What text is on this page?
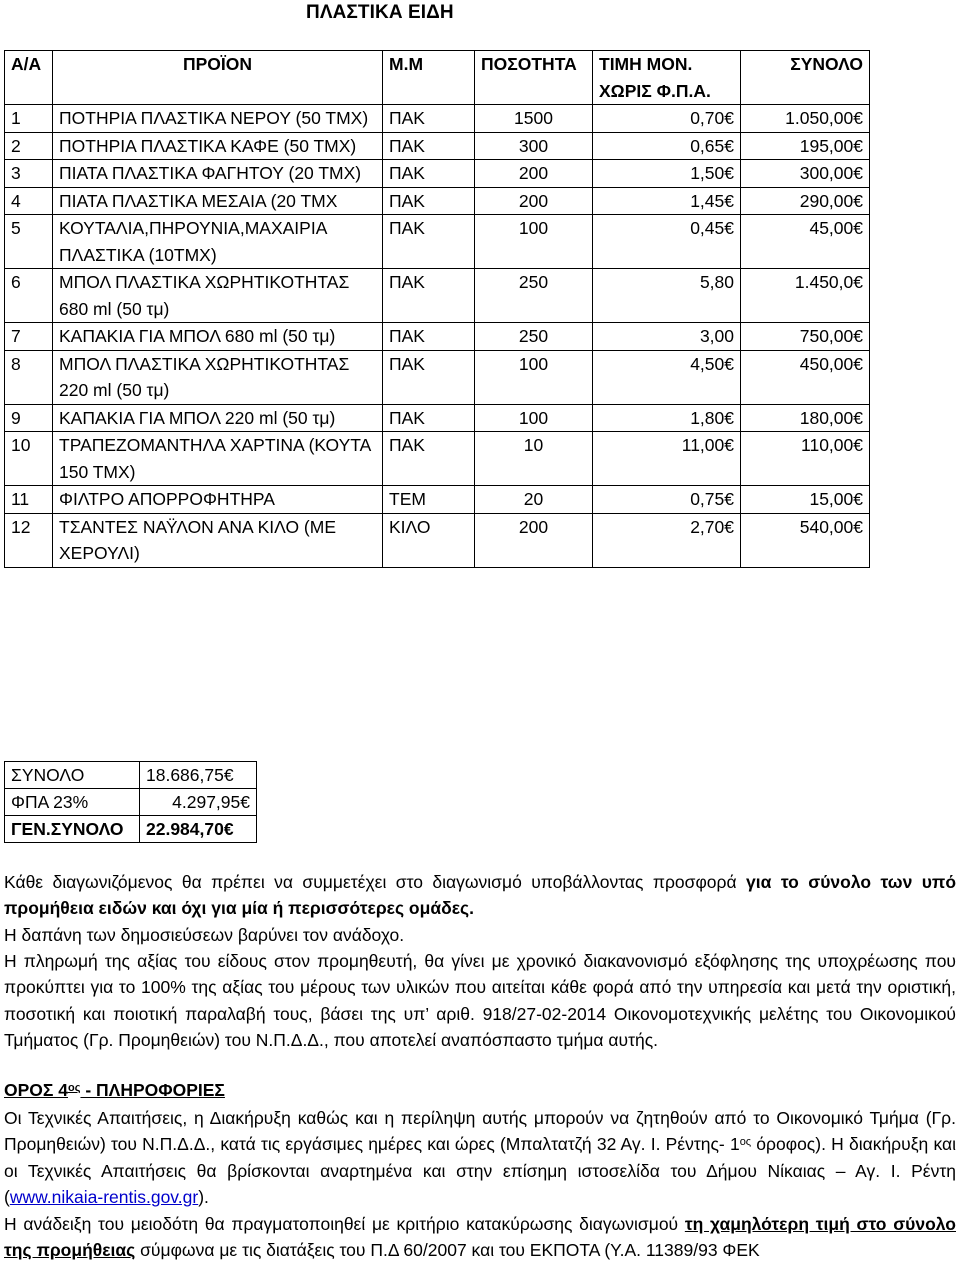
ΠΛΑΣΤΙΚΑ ΕΙΔΗ
Α/Α	ΠΡΟΪΟΝ	Μ.Μ	ΠΟΣΟΤΗΤΑ	ΤΙΜΗ ΜΟΝ. ΧΩΡΙΣ Φ.Π.Α.	ΣΥΝΟΛΟ
1	ΠΟΤΗΡΙΑ ΠΛΑΣΤΙΚΑ ΝΕΡΟΥ (50 ΤΜΧ)	ΠΑΚ	1500	0,70€	1.050,00€
2	ΠΟΤΗΡΙΑ ΠΛΑΣΤΙΚΑ ΚΑΦΕ (50 ΤΜΧ)	ΠΑΚ	300	0,65€	195,00€
3	ΠΙΑΤΑ ΠΛΑΣΤΙΚΑ ΦΑΓΗΤΟΥ (20 ΤΜΧ)	ΠΑΚ	200	1,50€	300,00€
4	ΠΙΑΤΑ ΠΛΑΣΤΙΚΑ ΜΕΣΑΙΑ (20 ΤΜΧ	ΠΑΚ	200	1,45€	290,00€
5	ΚΟΥΤΑΛΙΑ,ΠΗΡΟΥΝΙΑ,ΜΑΧΑΙΡΙΑ ΠΛΑΣΤΙΚΑ (10ΤΜΧ)	ΠΑΚ	100	0,45€	45,00€
6	ΜΠΟΛ ΠΛΑΣΤΙΚΑ ΧΩΡΗΤΙΚΟΤΗΤΑΣ 680 ml (50 τμ)	ΠΑΚ	250	5,80	1.450,0€
7	ΚΑΠΑΚΙΑ ΓΙΑ ΜΠΟΛ 680 ml (50 τμ)	ΠΑΚ	250	3,00	750,00€
8	ΜΠΟΛ ΠΛΑΣΤΙΚΑ ΧΩΡΗΤΙΚΟΤΗΤΑΣ 220 ml (50 τμ)	ΠΑΚ	100	4,50€	450,00€
9	ΚΑΠΑΚΙΑ ΓΙΑ ΜΠΟΛ 220 ml (50 τμ)	ΠΑΚ	100	1,80€	180,00€
10	ΤΡΑΠΕΖΟΜΑΝΤΗΛΑ ΧΑΡΤΙΝΑ (ΚΟΥΤΑ 150 ΤΜΧ)	ΠΑΚ	10	11,00€	110,00€
11	ΦΙΛΤΡΟ ΑΠΟΡΡΟΦΗΤΗΡΑ	ΤΕΜ	20	0,75€	15,00€
12	ΤΣΑΝΤΕΣ ΝΑΫΛΟΝ ΑΝΑ ΚΙΛΟ (ΜΕ ΧΕΡΟΥΛΙ)	ΚΙΛΟ	200	2,70€	540,00€
ΣΥΝΟΛΟ	18.686,75€
ΦΠΑ 23%	4.297,95€
ΓΕΝ.ΣΥΝΟΛΟ	22.984,70€

Κάθε διαγωνιζόμενος θα πρέπει να συμμετέχει στο διαγωνισμό υποβάλλοντας προσφορά για το σύνολο των υπό προμήθεια ειδών και όχι για μία ή περισσότερες ομάδες.

Η δαπάνη των δημοσιεύσεων βαρύνει τον ανάδοχο.

Η πληρωμή της αξίας του είδους στον προμηθευτή, θα γίνει με χρονικό διακανονισμό εξόφλησης της υποχρέωσης που προκύπτει για το 100% της αξίας του μέρους των υλικών που αιτείται κάθε φορά από την υπηρεσία και μετά την οριστική, ποσοτική και ποιοτική παραλαβή τους, βάσει της υπ’ αριθ. 918/27-02-2014 Οικονομοτεχνικής μελέτης του Οικονομικού Τμήματος (Γρ. Προμηθειών) του Ν.Π.Δ.Δ., που αποτελεί αναπόσπαστο τμήμα αυτής.

ΟΡΟΣ $4^{o\varsigma}$ - ΠΛΗΡΟΦΟΡΙΕΣ

Οι Τεχνικές Απαιτήσεις, η Διακήρυξη καθώς και η περίληψη αυτής μπορούν να ζητηθούν από το Οικονομικό Τμήμα (Γρ. Προμηθειών) του Ν.Π.Δ.Δ., κατά τις εργάσιμες ημέρες και ώρες (Μπαλτατζή 32 Αγ. Ι. Ρέντης- $1^{o\varsigma}$ όροφος). Η διακήρυξη και οι Τεχνικές Απαιτήσεις θα βρίσκονται αναρτημένα και στην επίσημη ιστοσελίδα του Δήμου Νίκαιας – Αγ. Ι. Ρέντη (www.nikaia-rentis.gov.gr).

Η ανάδειξη του μειοδότη θα πραγματοποιηθεί με κριτήριο κατακύρωσης διαγωνισμού τη χαμηλότερη τιμή στο σύνολο της προμήθειας σύμφωνα με τις διατάξεις του Π.Δ 60/2007 και του ΕΚΠΟΤΑ (Υ.Α. 11389/93 ΦΕΚ
